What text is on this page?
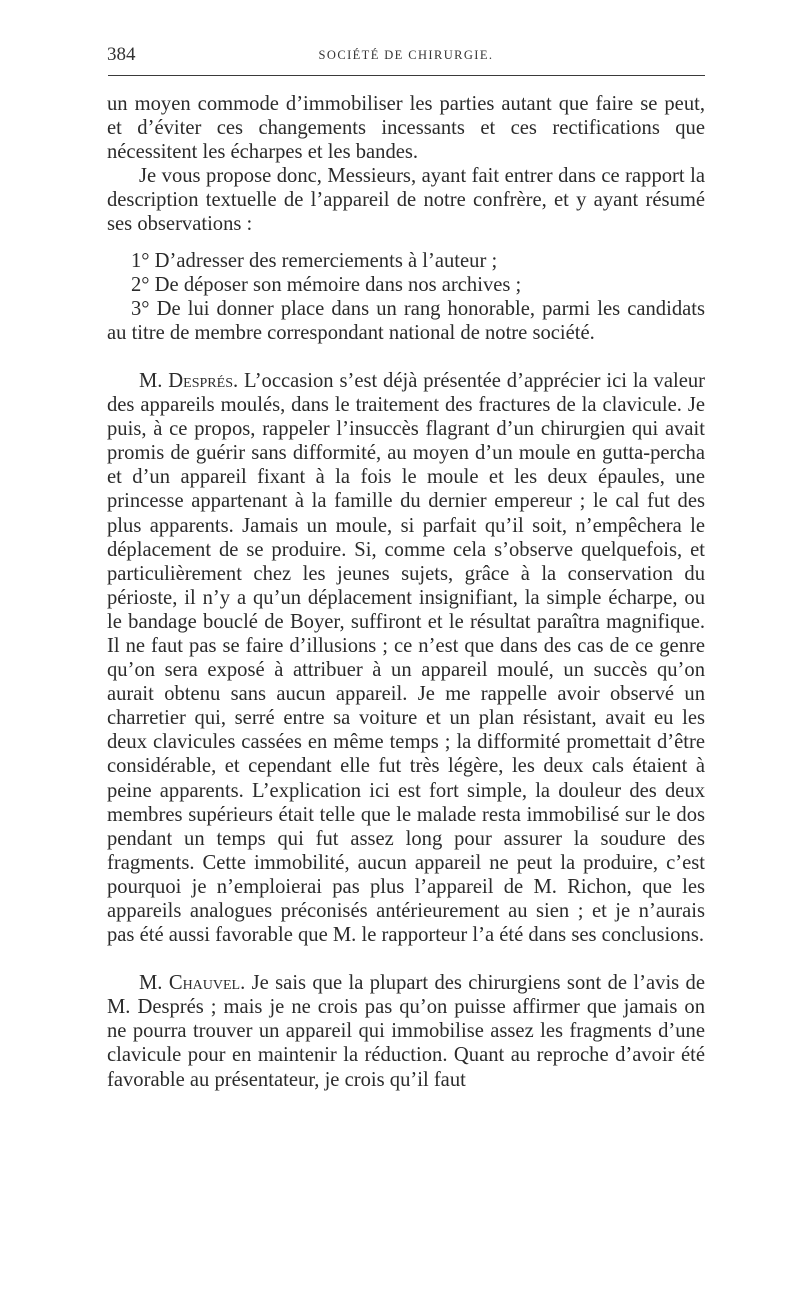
384	SOCIÉTÉ DE CHIRURGIE.

un moyen commode d’immobiliser les parties autant que faire se peut, et d’éviter ces changements incessants et ces rectifications que nécessitent les écharpes et les bandes.

Je vous propose donc, Messieurs, ayant fait entrer dans ce rapport la description textuelle de l’appareil de notre confrère, et y ayant résumé ses observations :

1° D’adresser des remerciements à l’auteur ;

2° De déposer son mémoire dans nos archives ;

3° De lui donner place dans un rang honorable, parmi les candidats au titre de membre correspondant national de notre société.

M. Després. L’occasion s’est déjà présentée d’apprécier ici la valeur des appareils moulés, dans le traitement des fractures de la clavicule. Je puis, à ce propos, rappeler l’insuccès flagrant d’un chirurgien qui avait promis de guérir sans difformité, au moyen d’un moule en gutta-percha et d’un appareil fixant à la fois le moule et les deux épaules, une princesse appartenant à la famille du dernier empereur ; le cal fut des plus apparents. Jamais un moule, si parfait qu’il soit, n’empêchera le déplacement de se produire. Si, comme cela s’observe quelquefois, et particulièrement chez les jeunes sujets, grâce à la conservation du périoste, il n’y a qu’un déplacement insignifiant, la simple écharpe, ou le bandage bouclé de Boyer, suffiront et le résultat paraîtra magnifique. Il ne faut pas se faire d’illusions ; ce n’est que dans des cas de ce genre qu’on sera exposé à attribuer à un appareil moulé, un succès qu’on aurait obtenu sans aucun appareil. Je me rappelle avoir observé un charretier qui, serré entre sa voiture et un plan résistant, avait eu les deux clavicules cassées en même temps ; la difformité promettait d’être considérable, et cependant elle fut très légère, les deux cals étaient à peine apparents. L’explication ici est fort simple, la douleur des deux membres supérieurs était telle que le malade resta immobilisé sur le dos pendant un temps qui fut assez long pour assurer la soudure des fragments. Cette immobilité, aucun appareil ne peut la produire, c’est pourquoi je n’emploierai pas plus l’appareil de M. Richon, que les appareils analogues préconisés antérieurement au sien ; et je n’aurais pas été aussi favorable que M. le rapporteur l’a été dans ses conclusions.

M. Chauvel. Je sais que la plupart des chirurgiens sont de l’avis de M. Després ; mais je ne crois pas qu’on puisse affirmer que jamais on ne pourra trouver un appareil qui immobilise assez les fragments d’une clavicule pour en maintenir la réduction. Quant au reproche d’avoir été favorable au présentateur, je crois qu’il faut
